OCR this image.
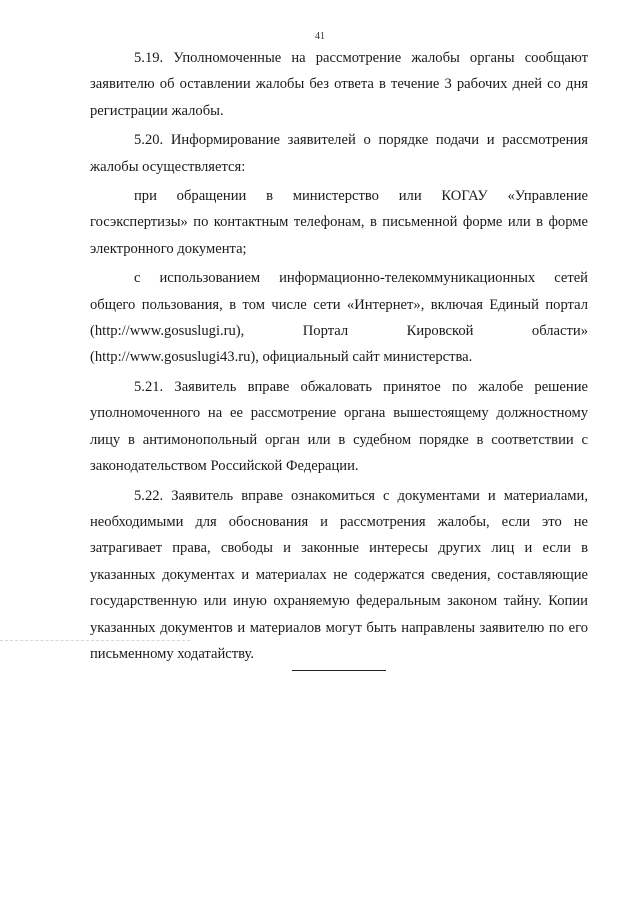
41

5.19. Уполномоченные на рассмотрение жалобы органы сообщают заявителю об оставлении жалобы без ответа в течение 3 рабочих дней со дня регистрации жалобы.

5.20. Информирование заявителей о порядке подачи и рассмотрения жалобы осуществляется:

при обращении в министерство или КОГАУ «Управление госэкспертизы» по контактным телефонам, в письменной форме или в форме электронного документа;

с использованием информационно-телекоммуникационных сетей общего пользования, в том числе сети «Интернет», включая Единый портал (http://www.gosuslugi.ru), Портал Кировской области» (http://www.gosuslugi43.ru), официальный сайт министерства.

5.21. Заявитель вправе обжаловать принятое по жалобе решение уполномоченного на ее рассмотрение органа вышестоящему должностному лицу в антимонопольный орган или в судебном порядке в соответствии с законодательством Российской Федерации.

5.22. Заявитель вправе ознакомиться с документами и материалами, необходимыми для обоснования и рассмотрения жалобы, если это не затрагивает права, свободы и законные интересы других лиц и если в указанных документах и материалах не содержатся сведения, составляющие государственную или иную охраняемую федеральным законом тайну. Копии указанных документов и материалов могут быть направлены заявителю по его письменному ходатайству.
